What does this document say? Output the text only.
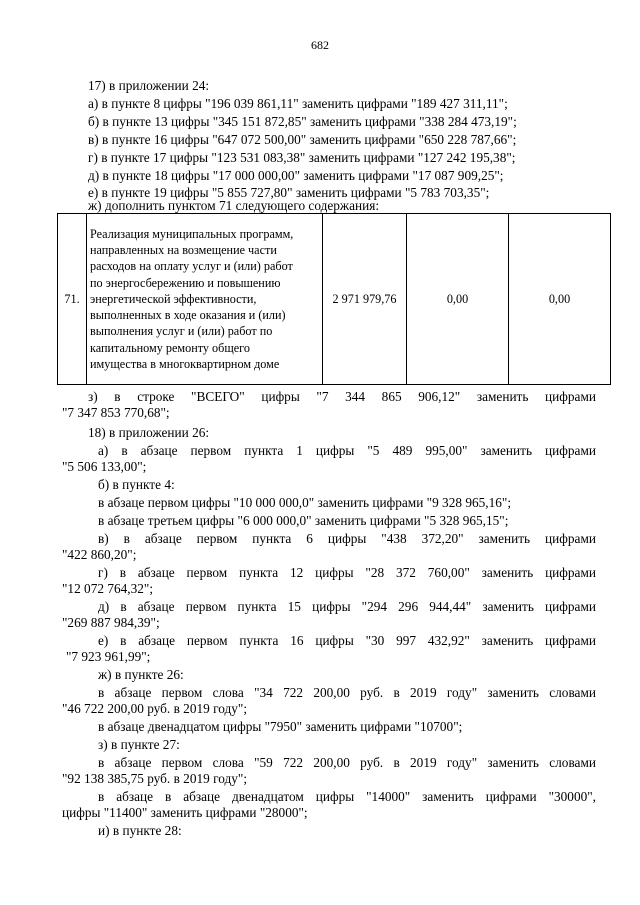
682
17) в приложении 24:
а) в пункте 8 цифры "196 039 861,11" заменить цифрами "189 427 311,11";
б) в пункте 13 цифры "345 151 872,85" заменить цифрами "338 284 473,19";
в) в пункте 16 цифры "647 072 500,00" заменить цифрами "650 228 787,66";
г) в пункте 17 цифры "123 531 083,38" заменить цифрами "127 242 195,38";
д) в пункте 18 цифры "17 000 000,00" заменить цифрами "17 087 909,25";
е) в пункте 19 цифры "5 855 727,80" заменить цифрами "5 783 703,35";
ж) дополнить пунктом 71 следующего содержания:
71.	
Реализация муниципальных программ,
направленных на возмещение части
расходов на оплату услуг и (или) работ
по энергосбережению и повышению
энергетической эффективности,
выполненных в ходе оказания и (или)
выполнения услуг и (или) работ по
капитальному ремонту общего
имущества в многоквартирном доме
	2 971 979,76	0,00	0,00
з) в строке "ВСЕГО" цифры "7 344 865 906,12" заменить цифрами
"7 347 853 770,68";
18) в приложении 26:
а) в абзаце первом пункта 1 цифры "5 489 995,00" заменить цифрами
"5 506 133,00";
б) в пункте 4:
в абзаце первом цифры "10 000 000,0" заменить цифрами "9 328 965,16";
в абзаце третьем цифры "6 000 000,0" заменить цифрами "5 328 965,15";
в) в абзаце первом пункта 6 цифры "438 372,20" заменить цифрами
"422 860,20";
г) в абзаце первом пункта 12 цифры "28 372 760,00" заменить цифрами
"12 072 764,32";
д) в абзаце первом пункта 15 цифры "294 296 944,44" заменить цифрами
"269 887 984,39";
е) в абзаце первом пункта 16 цифры "30 997 432,92" заменить цифрами
"7 923 961,99";
ж) в пункте 26:
в абзаце первом слова "34 722 200,00 руб. в 2019 году" заменить словами
"46 722 200,00 руб. в 2019 году";
в абзаце двенадцатом цифры "7950" заменить цифрами "10700";
з) в пункте 27:
в абзаце первом слова "59 722 200,00 руб. в 2019 году" заменить словами
"92 138 385,75 руб. в 2019 году";
в абзаце в абзаце двенадцатом цифры "14000" заменить цифрами "30000",
цифры "11400" заменить цифрами "28000";
и) в пункте 28:
